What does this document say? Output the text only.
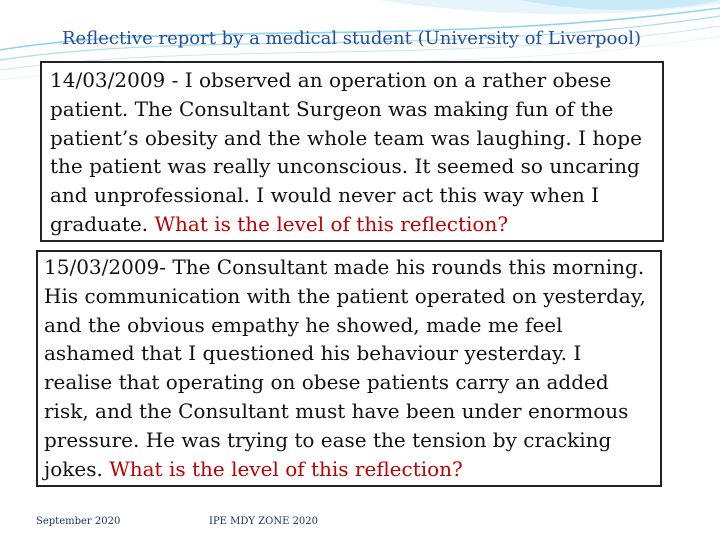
Reflective report by a medical student (University of Liverpool)
14/03/2009 - I observed an operation on a rather obese patient. The Consultant Surgeon was making fun of the patient’s obesity and the whole team was laughing. I hope the patient was really unconscious. It seemed so uncaring and unprofessional. I would never act this way when I graduate. What is the level of this reflection?
15/03/2009- The Consultant made his rounds this morning. His communication with the patient operated on yesterday, and the obvious empathy he showed, made me feel ashamed that I questioned his behaviour yesterday. I realise that operating on obese patients carry an added risk, and the Consultant must have been under enormous pressure. He was trying to ease the tension by cracking jokes. What is the level of this reflection?
September 2020	IPE MDY ZONE 2020
